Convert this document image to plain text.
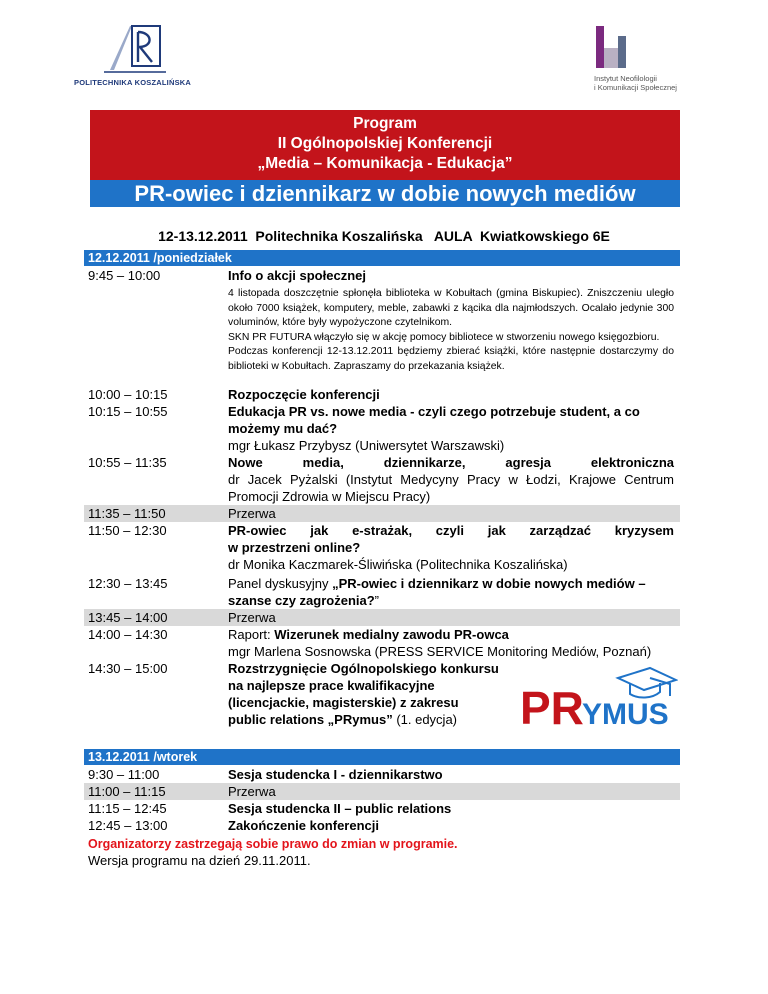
POLITECHNIKA KOSZALIŃSKA	Instytut Neofilologii
i Komunikacji Społecznej
Program
II Ogólnopolskiej Konferencji
„Media – Komunikacja - Edukacja”
PR-owiec i dziennikarz w dobie nowych mediów
12-13.12.2011  Politechnika Koszalińska   AULA  Kwiatkowskiego 6E
12.12.2011 /poniedziałek
9:45 – 10:00	Info o akcji społecznej

4 listopada doszczętnie spłonęła biblioteka w Kobułtach (gmina Biskupiec). Zniszczeniu uległo około 7000 książek, komputery, meble, zabawki z kącika dla najmłodszych. Ocalało jedynie 300 voluminów, które były wypożyczone czytelnikom.

SKN PR FUTURA włączyło się w akcję pomocy bibliotece w stworzeniu nowego księgozbioru.

Podczas konferencji 12-13.12.2011 będziemy zbierać książki, które następnie dostarczymy do biblioteki w Kobułtach. Zapraszamy do przekazania książek.

10:00 – 10:15	Rozpoczęcie konferencji
10:15 – 10:55	Edukacja PR vs. nowe media - czyli czego potrzebuje student, a co
możemy mu dać?
mgr Łukasz Przybysz (Uniwersytet Warszawski)
10:55 – 11:35	Nowe media, dziennikarze, agresja elektroniczna
dr Jacek Pyżalski (Instytut Medycyny Pracy w Łodzi, Krajowe Centrum
Promocji Zdrowia w Miejscu Pracy)
11:35 – 11:50	Przerwa
11:50 – 12:30	PR-owiec jak e-strażak, czyli jak zarządzać kryzysem
w przestrzeni online?
dr Monika Kaczmarek-Śliwińska (Politechnika Koszalińska)
12:30 – 13:45	Panel dyskusyjny „PR-owiec i dziennikarz w dobie nowych mediów –
szanse czy zagrożenia?”
13:45 – 14:00	Przerwa
14:00 – 14:30	Raport: Wizerunek medialny zawodu PR-owca
mgr Marlena Sosnowska (PRESS SERVICE Monitoring Mediów, Poznań)
14:30 – 15:00	Rozstrzygnięcie Ogólnopolskiego konkursu
na najlepsze prace kwalifikacyjne
(licencjackie, magisterskie) z zakresu
public relations „PRymus” (1. edycja)	PR
YMUS
13.12.2011 /wtorek
9:30 – 11:00	Sesja studencka I - dziennikarstwo
11:00 – 11:15	Przerwa
11:15 – 12:45	Sesja studencka II – public relations
12:45 – 13:00	Zakończenie konferencji
Organizatorzy zastrzegają sobie prawo do zmian w programie.
Wersja programu na dzień 29.11.2011.
